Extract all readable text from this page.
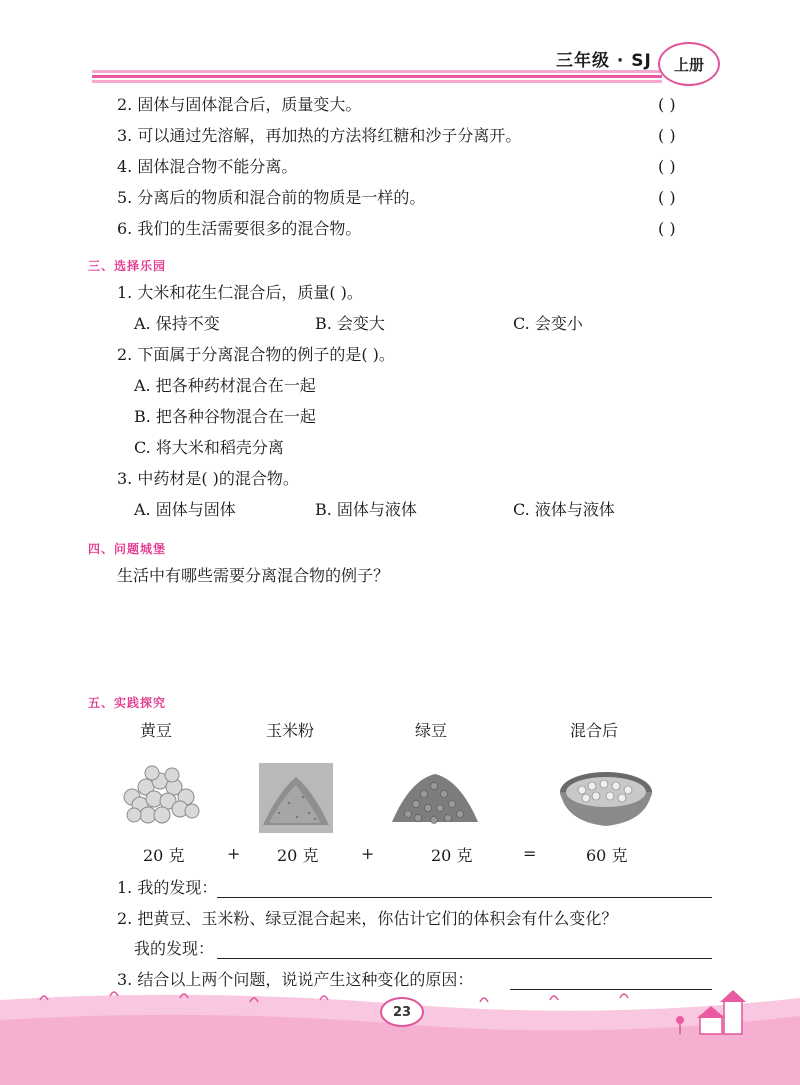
三年级 · SJ	上册
2. 固体与固体混合后，质量变大。	( )
3. 可以通过先溶解，再加热的方法将红糖和沙子分离开。	( )
4. 固体混合物不能分离。	( )
5. 分离后的物质和混合前的物质是一样的。	( )
6. 我们的生活需要很多的混合物。	( )
三、选择乐园
1. 大米和花生仁混合后，质量( )。
A. 保持不变	B. 会变大	C. 会变小
2. 下面属于分离混合物的例子的是( )。
A. 把各种药材混合在一起
B. 把各种谷物混合在一起
C. 将大米和稻壳分离
3. 中药材是( )的混合物。
A. 固体与固体	B. 固体与液体	C. 液体与液体
四、问题城堡
生活中有哪些需要分离混合物的例子？
五、实践探究
黄豆	玉米粉	绿豆	混合后
20 克	+ 20 克	+	20 克	=	60 克
1. 我的发现：
2. 把黄豆、玉米粉、绿豆混合起来，你估计它们的体积会有什么变化？
我的发现：
3. 结合以上两个问题，说说产生这种变化的原因：
23
